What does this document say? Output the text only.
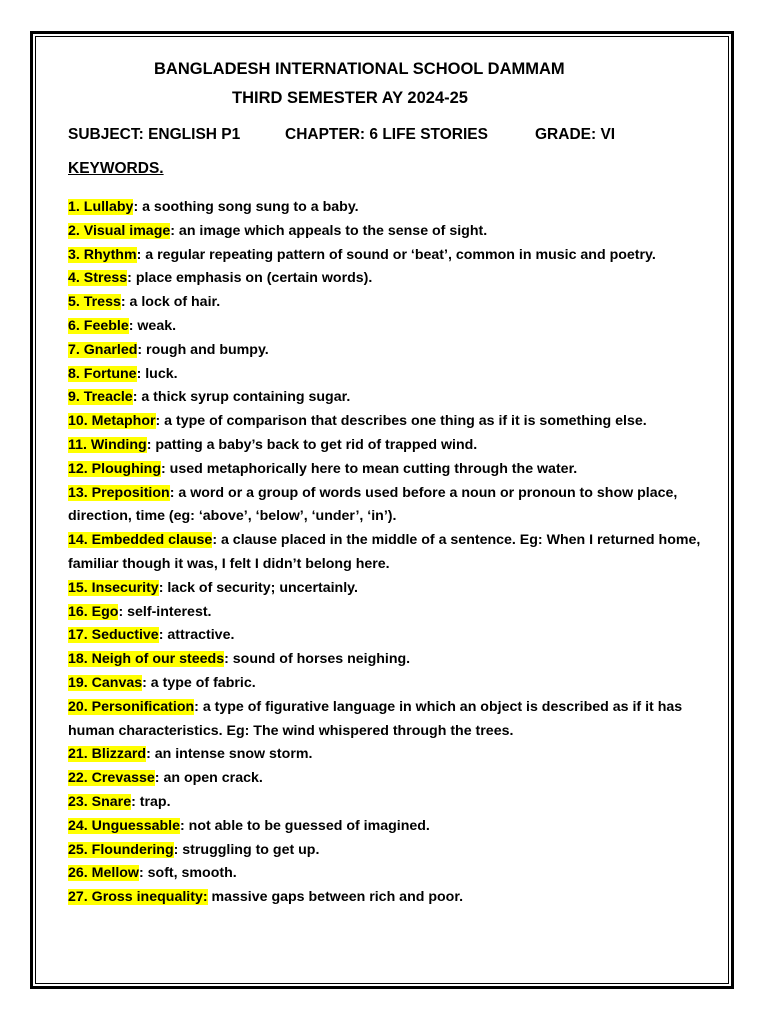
BANGLADESH INTERNATIONAL SCHOOL DAMMAM
THIRD SEMESTER AY 2024-25
SUBJECT: ENGLISH P1	CHAPTER: 6 LIFE STORIES	GRADE: VI
KEYWORDS.
1. Lullaby: a soothing song sung to a baby.
2. Visual image: an image which appeals to the sense of sight.
3. Rhythm: a regular repeating pattern of sound or ‘beat’, common in music and poetry.
4. Stress: place emphasis on (certain words).
5. Tress: a lock of hair.
6. Feeble: weak.
7. Gnarled: rough and bumpy.
8. Fortune: luck.
9. Treacle: a thick syrup containing sugar.
10. Metaphor: a type of comparison that describes one thing as if it is something else.
11. Winding: patting a baby’s back to get rid of trapped wind.
12. Ploughing: used metaphorically here to mean cutting through the water.
13. Preposition: a word or a group of words used before a noun or pronoun to show place, direction, time (eg: ‘above’, ‘below’, ‘under’, ‘in’).
14. Embedded clause: a clause placed in the middle of a sentence. Eg: When I returned home, familiar though it was, I felt I didn’t belong here.
15. Insecurity: lack of security; uncertainly.
16. Ego: self-interest.
17. Seductive: attractive.
18. Neigh of our steeds: sound of horses neighing.
19. Canvas: a type of fabric.
20. Personification: a type of figurative language in which an object is described as if it has human characteristics. Eg: The wind whispered through the trees.
21. Blizzard: an intense snow storm.
22. Crevasse: an open crack.
23. Snare: trap.
24. Unguessable: not able to be guessed of imagined.
25. Floundering: struggling to get up.
26. Mellow: soft, smooth.
27. Gross inequality: massive gaps between rich and poor.
